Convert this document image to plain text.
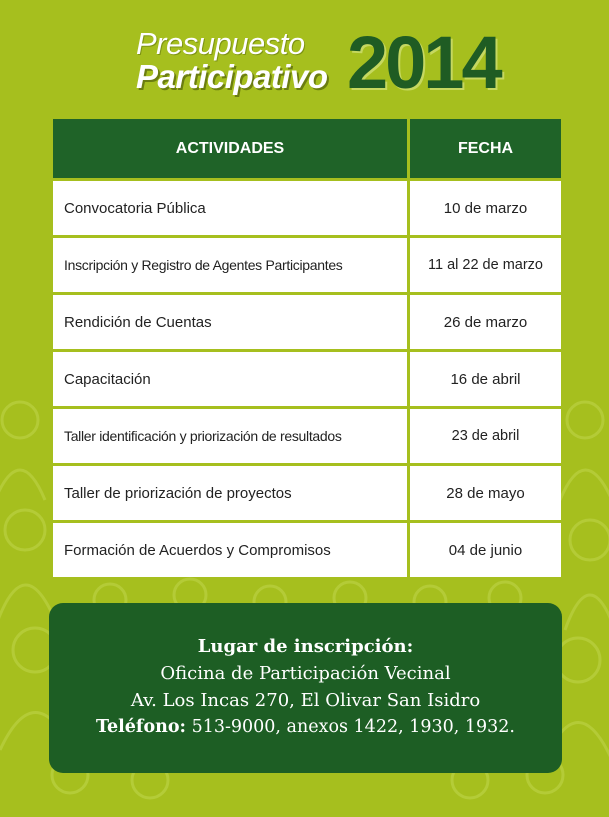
Presupuesto
Participativo 2014
ACTIVIDADES	FECHA
Convocatoria Pública	10 de marzo
Inscripción y Registro de Agentes Participantes	11 al 22 de marzo
Rendición de Cuentas	26 de marzo
Capacitación	16 de abril
Taller identificación y priorización de resultados	23 de abril
Taller de priorización de proyectos	28 de mayo
Formación de Acuerdos y Compromisos	04 de junio
Lugar de inscripción:
Oficina de Participación Vecinal
Av. Los Incas 270, El Olivar San Isidro
Teléfono: 513-9000, anexos 1422, 1930, 1932.
